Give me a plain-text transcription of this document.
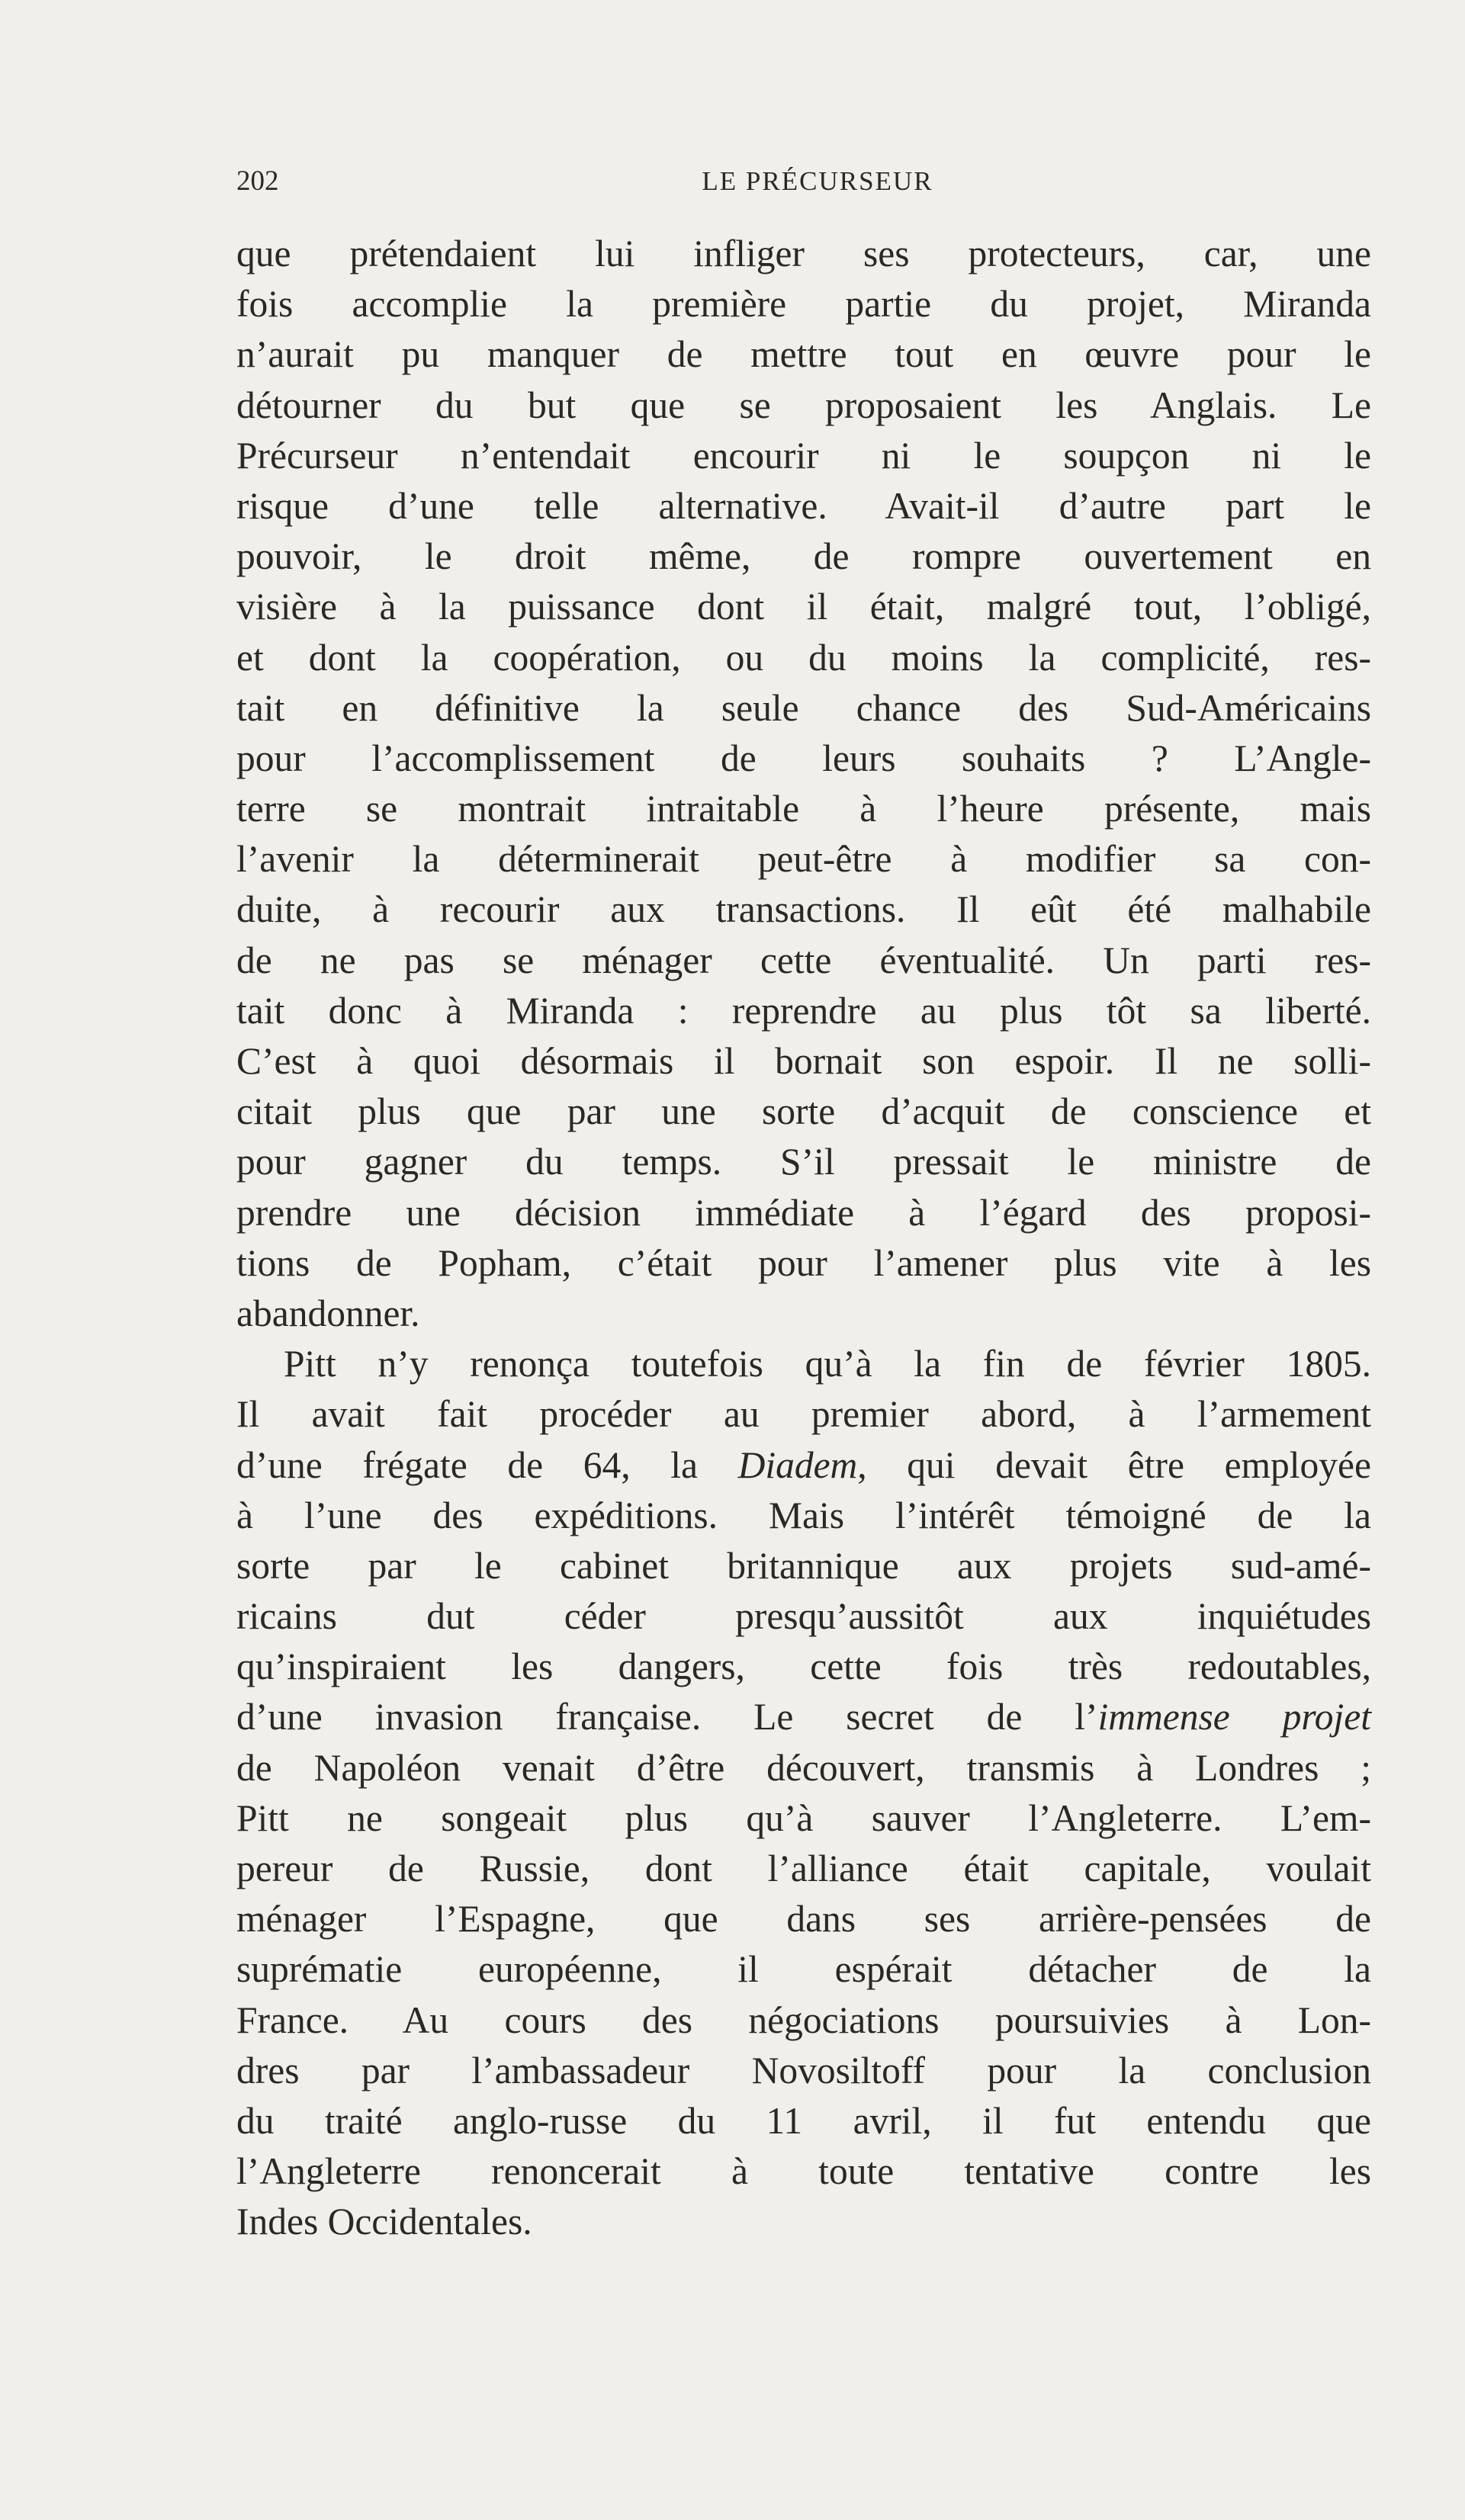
202	LE PRÉCURSEUR
que prétendaient lui infliger ses protecteurs, car, une
fois accomplie la première partie du projet, Miranda
n’aurait pu manquer de mettre tout en œuvre pour le
détourner du but que se proposaient les Anglais. Le
Précurseur n’entendait encourir ni le soupçon ni le
risque d’une telle alternative. Avait-il d’autre part le
pouvoir, le droit même, de rompre ouvertement en
visière à la puissance dont il était, malgré tout, l’obligé,
et dont la coopération, ou du moins la complicité, res-
tait en définitive la seule chance des Sud-Américains
pour l’accomplissement de leurs souhaits ? L’Angle-
terre se montrait intraitable à l’heure présente, mais
l’avenir la déterminerait peut-être à modifier sa con-
duite, à recourir aux transactions. Il eût été malhabile
de ne pas se ménager cette éventualité. Un parti res-
tait donc à Miranda : reprendre au plus tôt sa liberté.
C’est à quoi désormais il bornait son espoir. Il ne solli-
citait plus que par une sorte d’acquit de conscience et
pour gagner du temps. S’il pressait le ministre de
prendre une décision immédiate à l’égard des proposi-
tions de Popham, c’était pour l’amener plus vite à les
abandonner.
Pitt n’y renonça toutefois qu’à la fin de février 1805.
Il avait fait procéder au premier abord, à l’armement
d’une frégate de 64, la Diadem, qui devait être employée
à l’une des expéditions. Mais l’intérêt témoigné de la
sorte par le cabinet britannique aux projets sud-amé-
ricains dut céder presqu’aussitôt aux inquiétudes
qu’inspiraient les dangers, cette fois très redoutables,
d’une invasion française. Le secret de l’immense projet
de Napoléon venait d’être découvert, transmis à Londres ;
Pitt ne songeait plus qu’à sauver l’Angleterre. L’em-
pereur de Russie, dont l’alliance était capitale, voulait
ménager l’Espagne, que dans ses arrière-pensées de
suprématie européenne, il espérait détacher de la
France. Au cours des négociations poursuivies à Lon-
dres par l’ambassadeur Novosiltoff pour la conclusion
du traité anglo-russe du 11 avril, il fut entendu que
l’Angleterre renoncerait à toute tentative contre les
Indes Occidentales.
